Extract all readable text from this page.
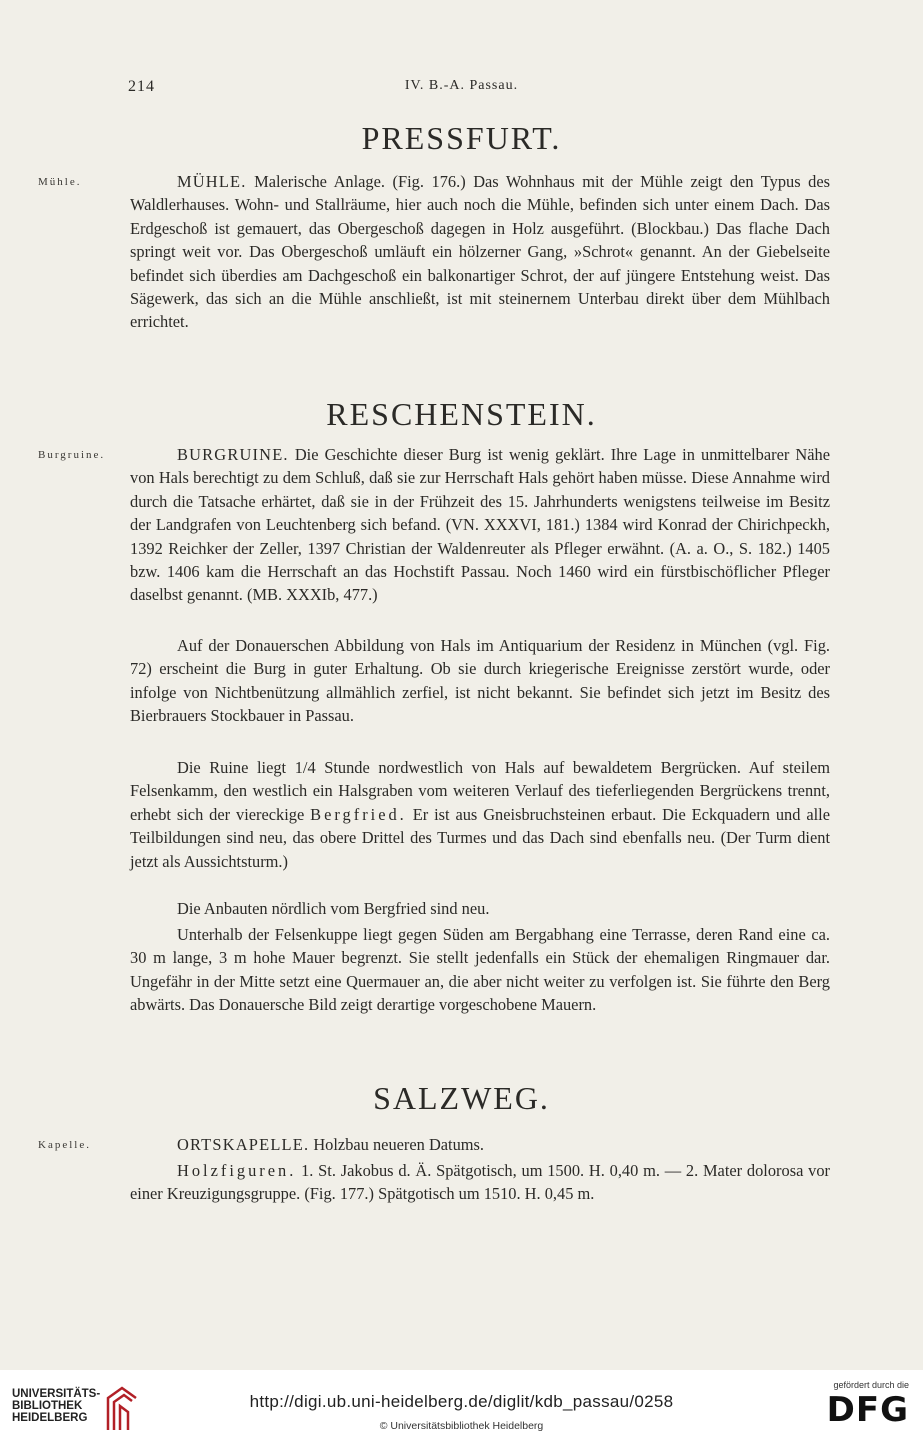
214	IV. B.-A. Passau.
PRESSFURT.
Mühle.	MÜHLE. Malerische Anlage. (Fig. 176.) Das Wohnhaus mit der Mühle zeigt den Typus des Waldlerhauses. Wohn- und Stallräume, hier auch noch die Mühle, befinden sich unter einem Dach. Das Erdgeschoß ist gemauert, das Obergeschoß dagegen in Holz ausgeführt. (Blockbau.) Das flache Dach springt weit vor. Das Obergeschoß umläuft ein hölzerner Gang, »Schrot« genannt. An der Giebelseite befindet sich überdies am Dachgeschoß ein balkonartiger Schrot, der auf jüngere Entstehung weist. Das Sägewerk, das sich an die Mühle anschließt, ist mit steinernem Unterbau direkt über dem Mühlbach errichtet.

RESCHENSTEIN.
Burgruine.	BURGRUINE. Die Geschichte dieser Burg ist wenig geklärt. Ihre Lage in unmittelbarer Nähe von Hals berechtigt zu dem Schluß, daß sie zur Herrschaft Hals gehört haben müsse. Diese Annahme wird durch die Tatsache erhärtet, daß sie in der Frühzeit des 15. Jahrhunderts wenigstens teilweise im Besitz der Landgrafen von Leuchtenberg sich befand. (VN. XXXVI, 181.) 1384 wird Konrad der Chirichpeckh, 1392 Reichker der Zeller, 1397 Christian der Waldenreuter als Pfleger erwähnt. (A. a. O., S. 182.) 1405 bzw. 1406 kam die Herrschaft an das Hochstift Passau. Noch 1460 wird ein fürstbischöflicher Pfleger daselbst genannt. (MB. XXXIb, 477.)

Auf der Donauerschen Abbildung von Hals im Antiquarium der Residenz in München (vgl. Fig. 72) erscheint die Burg in guter Erhaltung. Ob sie durch kriegerische Ereignisse zerstört wurde, oder infolge von Nichtbenützung allmählich zerfiel, ist nicht bekannt. Sie befindet sich jetzt im Besitz des Bierbrauers Stockbauer in Passau.

Die Ruine liegt 1/4 Stunde nordwestlich von Hals auf bewaldetem Bergrücken. Auf steilem Felsenkamm, den westlich ein Halsgraben vom weiteren Verlauf des tieferliegenden Bergrückens trennt, erhebt sich der viereckige Bergfried. Er ist aus Gneisbruchsteinen erbaut. Die Eckquadern und alle Teilbildungen sind neu, das obere Drittel des Turmes und das Dach sind ebenfalls neu. (Der Turm dient jetzt als Aussichtsturm.)

Die Anbauten nördlich vom Bergfried sind neu.

Unterhalb der Felsenkuppe liegt gegen Süden am Bergabhang eine Terrasse, deren Rand eine ca. 30 m lange, 3 m hohe Mauer begrenzt. Sie stellt jedenfalls ein Stück der ehemaligen Ringmauer dar. Ungefähr in der Mitte setzt eine Quermauer an, die aber nicht weiter zu verfolgen ist. Sie führte den Berg abwärts. Das Donauersche Bild zeigt derartige vorgeschobene Mauern.

SALZWEG.
Kapelle.	ORTSKAPELLE. Holzbau neueren Datums.

Holzfiguren. 1. St. Jakobus d. Ä. Spätgotisch, um 1500. H. 0,40 m. — 2. Mater dolorosa vor einer Kreuzigungsgruppe. (Fig. 177.) Spätgotisch um 1510. H. 0,45 m.

UNIVERSITÄTS-
BIBLIOTHEK
HEIDELBERG
http://digi.ub.uni-heidelberg.de/diglit/kdb_passau/0258
© Universitätsbibliothek Heidelberg
gefördert durch die
DFG
